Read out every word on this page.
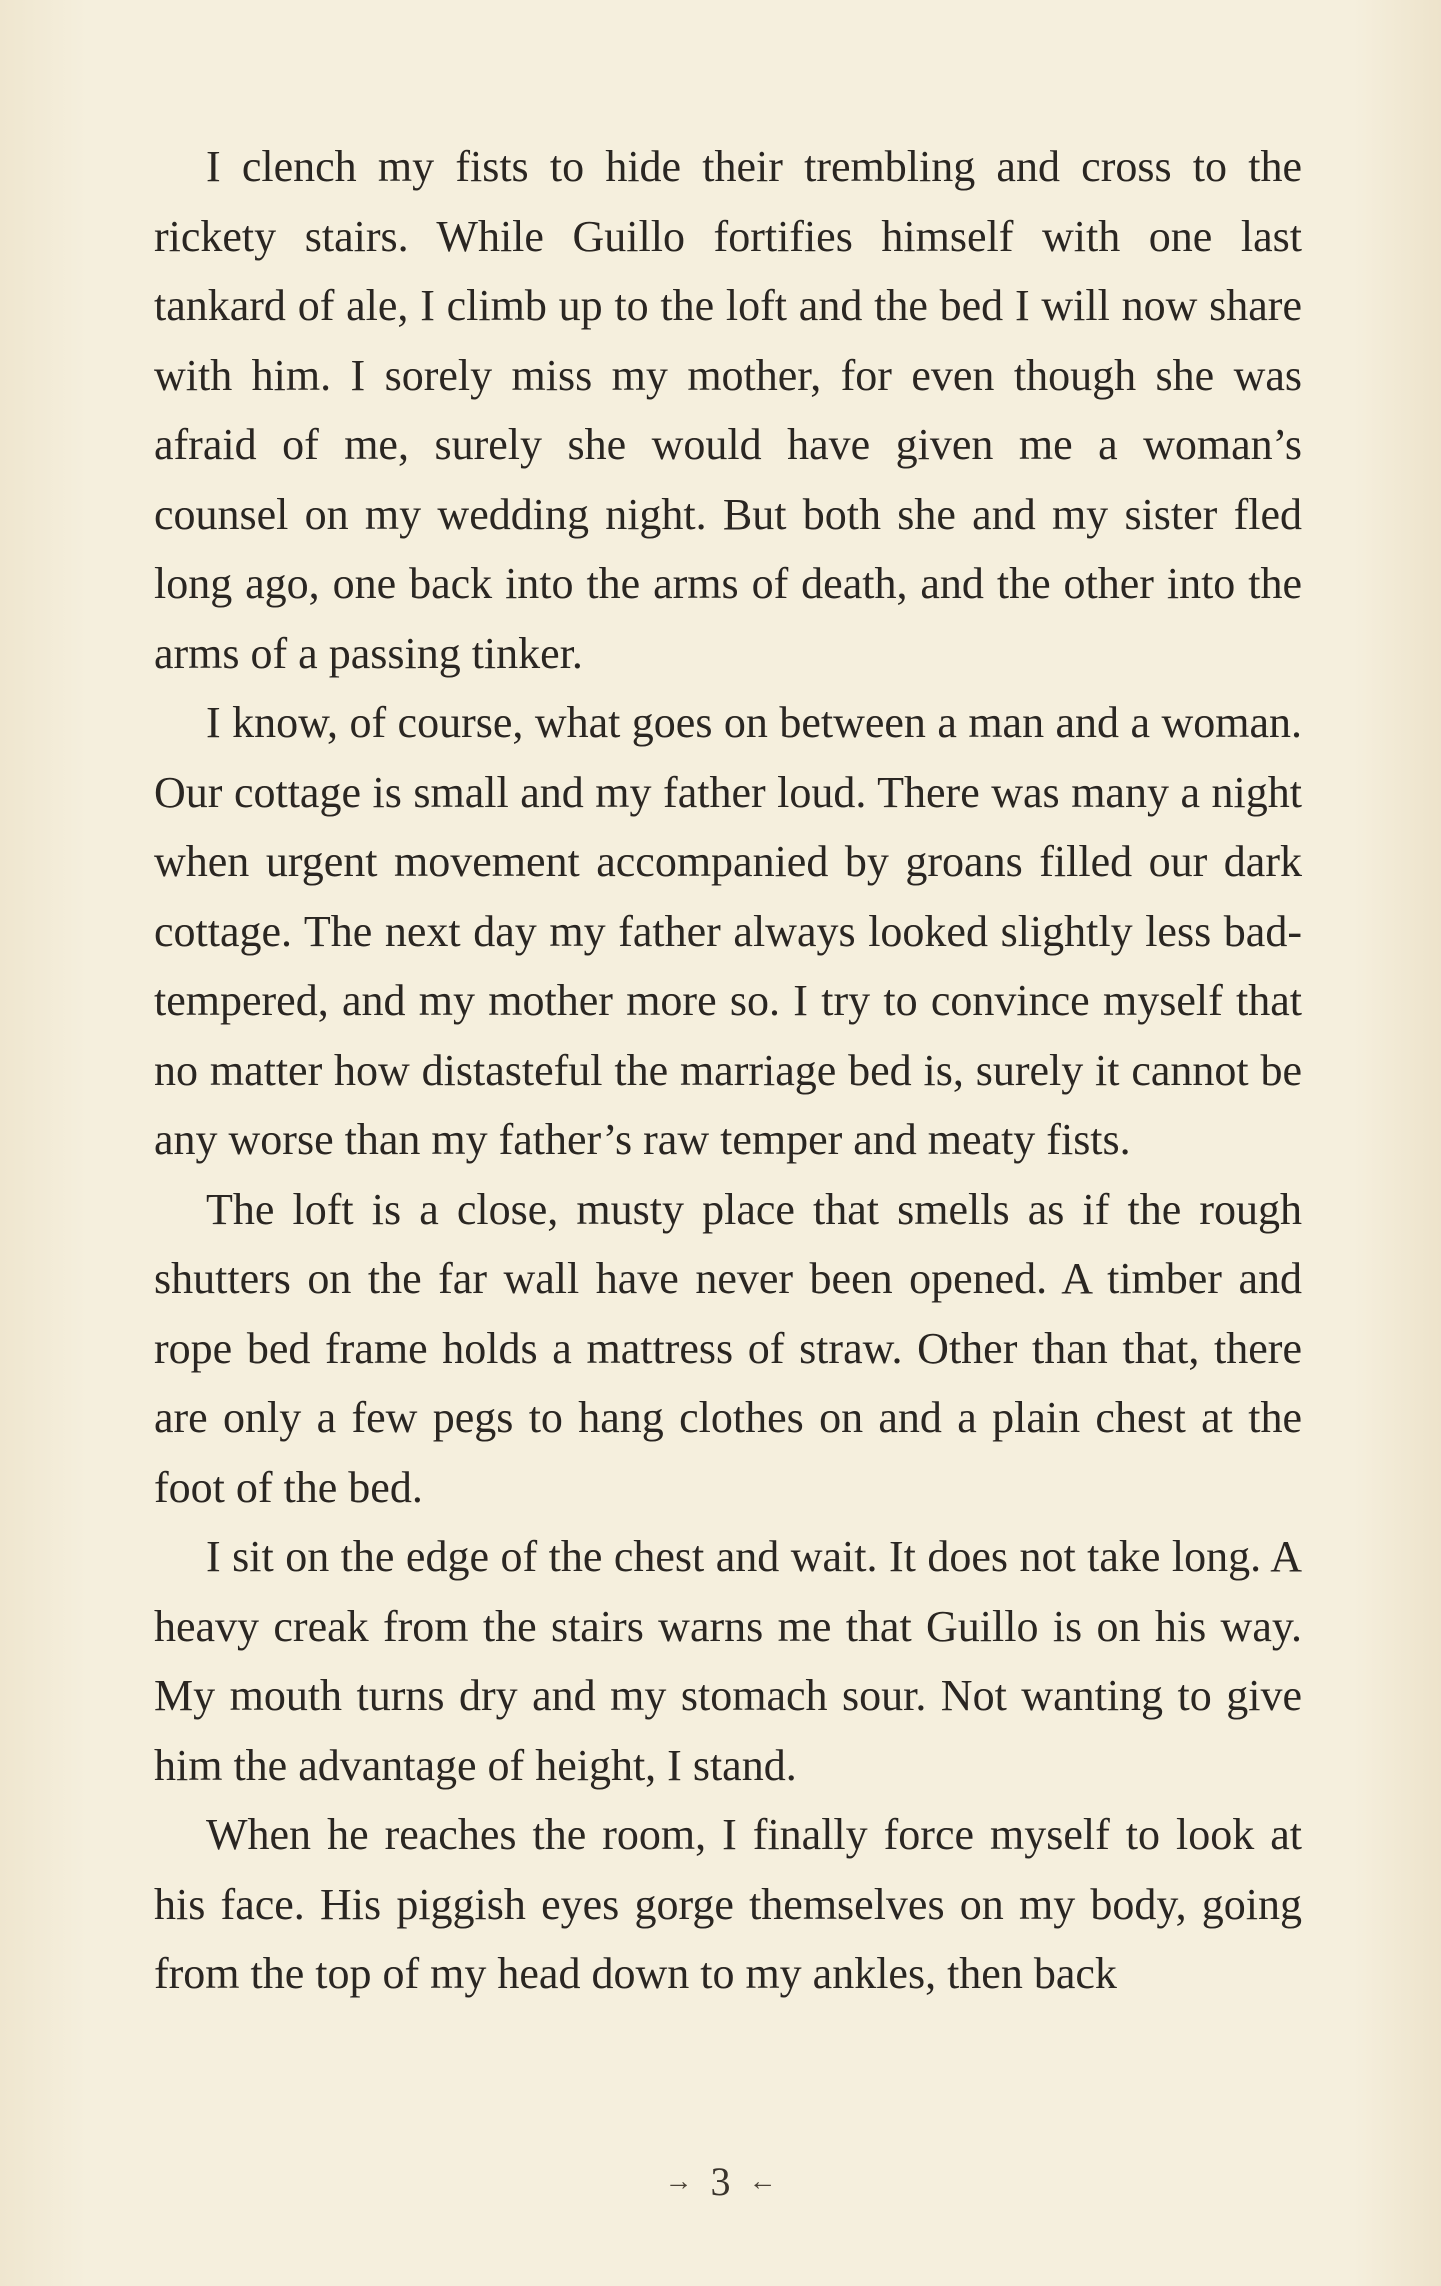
I clench my fists to hide their trembling and cross to the rickety stairs. While Guillo fortifies himself with one last tankard of ale, I climb up to the loft and the bed I will now share with him. I sorely miss my mother, for even though she was afraid of me, surely she would have given me a woman’s counsel on my wedding night. But both she and my sister fled long ago, one back into the arms of death, and the other into the arms of a passing tinker.

I know, of course, what goes on between a man and a woman. Our cottage is small and my father loud. There was many a night when urgent movement accompanied by groans filled our dark cottage. The next day my father always looked slightly less bad-tempered, and my mother more so. I try to convince myself that no matter how distasteful the marriage bed is, surely it cannot be any worse than my father’s raw temper and meaty fists.

The loft is a close, musty place that smells as if the rough shutters on the far wall have never been opened. A timber and rope bed frame holds a mattress of straw. Other than that, there are only a few pegs to hang clothes on and a plain chest at the foot of the bed.

I sit on the edge of the chest and wait. It does not take long. A heavy creak from the stairs warns me that Guillo is on his way. My mouth turns dry and my stomach sour. Not wanting to give him the advantage of height, I stand.

When he reaches the room, I finally force myself to look at his face. His piggish eyes gorge themselves on my body, going from the top of my head down to my ankles, then back

→ 3 ←
